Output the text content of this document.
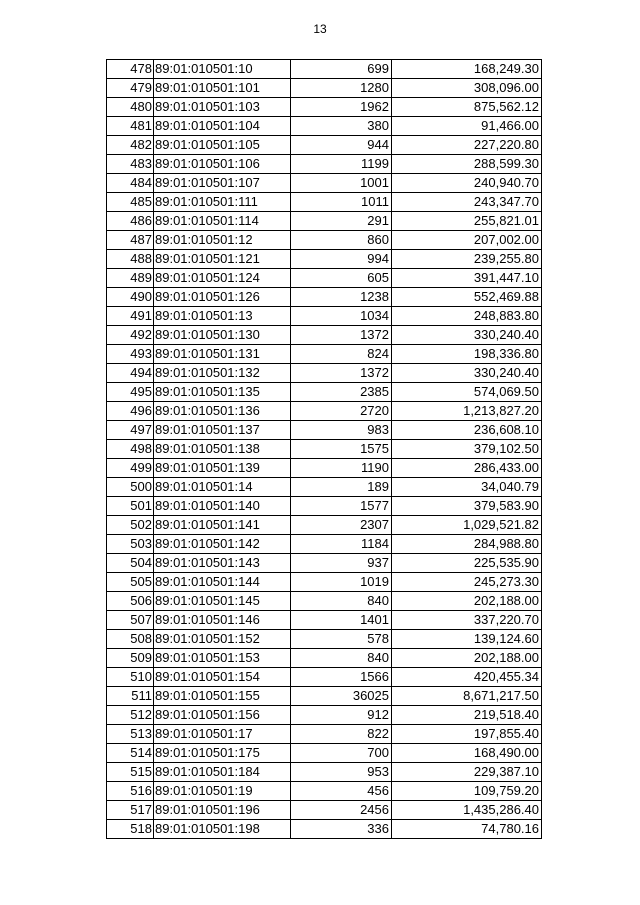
13
478	89:01:010501:10	699	168,249.30
479	89:01:010501:101	1280	308,096.00
480	89:01:010501:103	1962	875,562.12
481	89:01:010501:104	380	91,466.00
482	89:01:010501:105	944	227,220.80
483	89:01:010501:106	1199	288,599.30
484	89:01:010501:107	1001	240,940.70
485	89:01:010501:111	1011	243,347.70
486	89:01:010501:114	291	255,821.01
487	89:01:010501:12	860	207,002.00
488	89:01:010501:121	994	239,255.80
489	89:01:010501:124	605	391,447.10
490	89:01:010501:126	1238	552,469.88
491	89:01:010501:13	1034	248,883.80
492	89:01:010501:130	1372	330,240.40
493	89:01:010501:131	824	198,336.80
494	89:01:010501:132	1372	330,240.40
495	89:01:010501:135	2385	574,069.50
496	89:01:010501:136	2720	1,213,827.20
497	89:01:010501:137	983	236,608.10
498	89:01:010501:138	1575	379,102.50
499	89:01:010501:139	1190	286,433.00
500	89:01:010501:14	189	34,040.79
501	89:01:010501:140	1577	379,583.90
502	89:01:010501:141	2307	1,029,521.82
503	89:01:010501:142	1184	284,988.80
504	89:01:010501:143	937	225,535.90
505	89:01:010501:144	1019	245,273.30
506	89:01:010501:145	840	202,188.00
507	89:01:010501:146	1401	337,220.70
508	89:01:010501:152	578	139,124.60
509	89:01:010501:153	840	202,188.00
510	89:01:010501:154	1566	420,455.34
511	89:01:010501:155	36025	8,671,217.50
512	89:01:010501:156	912	219,518.40
513	89:01:010501:17	822	197,855.40
514	89:01:010501:175	700	168,490.00
515	89:01:010501:184	953	229,387.10
516	89:01:010501:19	456	109,759.20
517	89:01:010501:196	2456	1,435,286.40
518	89:01:010501:198	336	74,780.16
